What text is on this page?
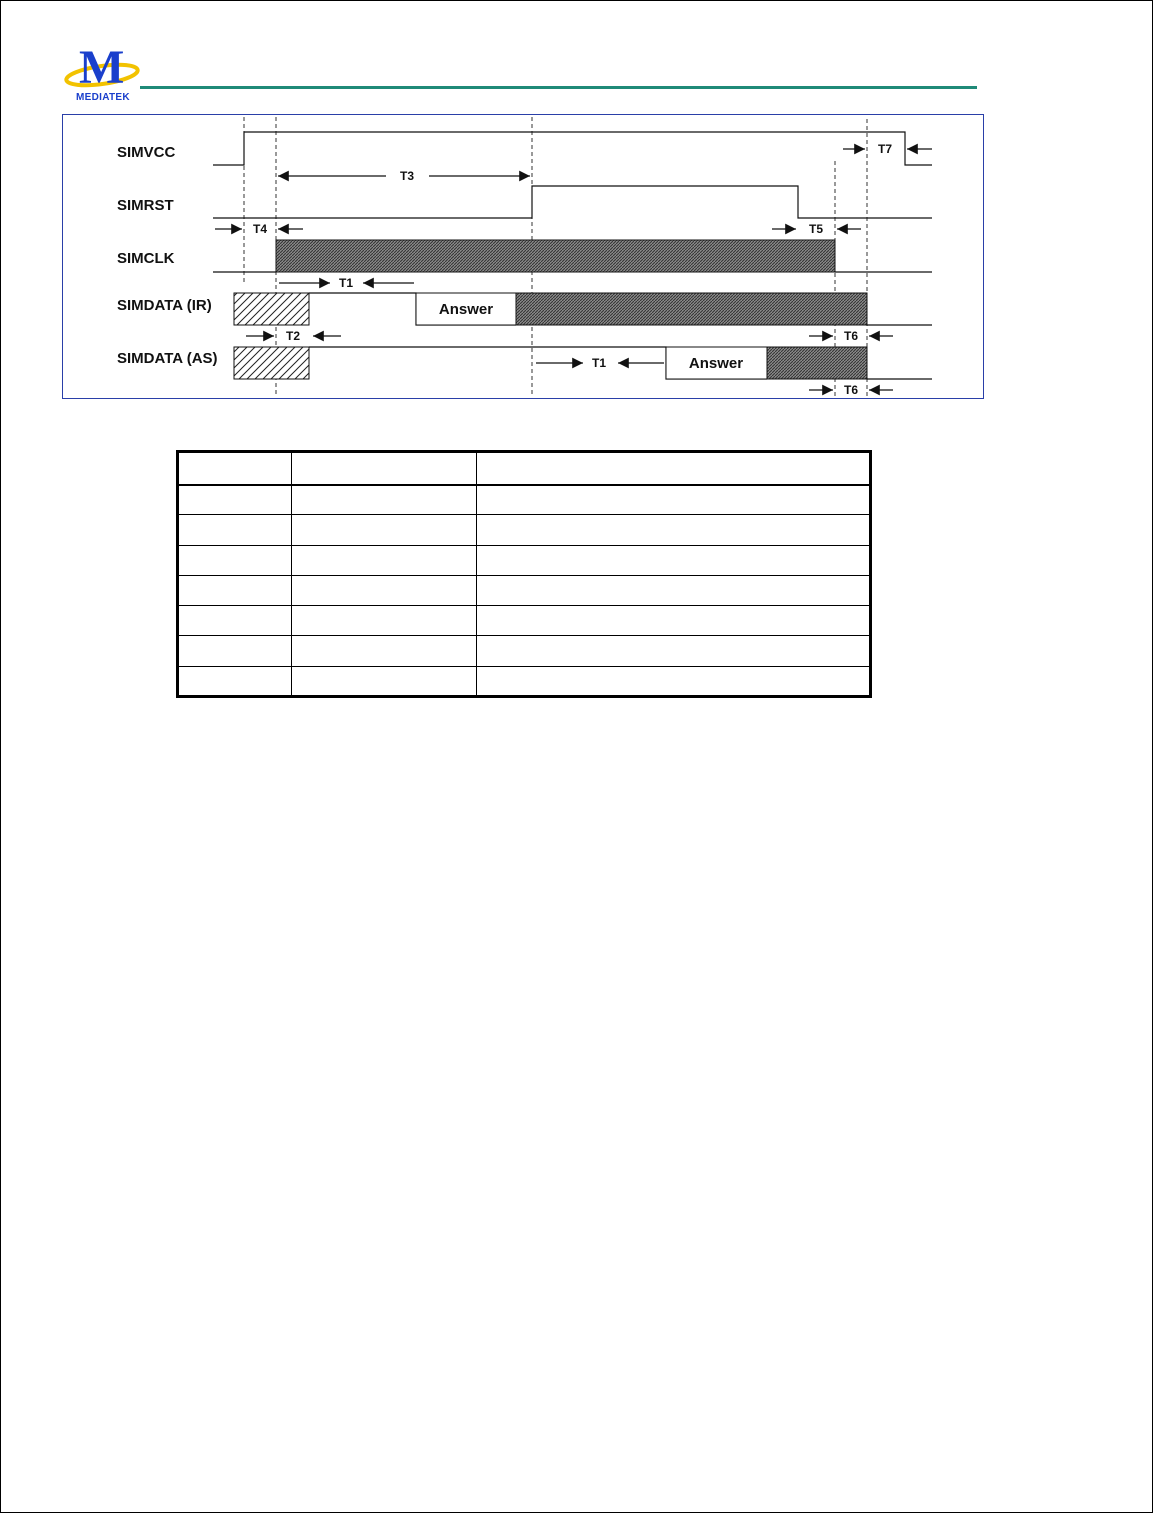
M
MEDIATEK
SIMVCC
SIMRST
SIMCLK
SIMDATA (IR)
SIMDATA (AS)
Answer
Answer
T3
T7
T4	T5
T1
T2	T6
T1
T6
